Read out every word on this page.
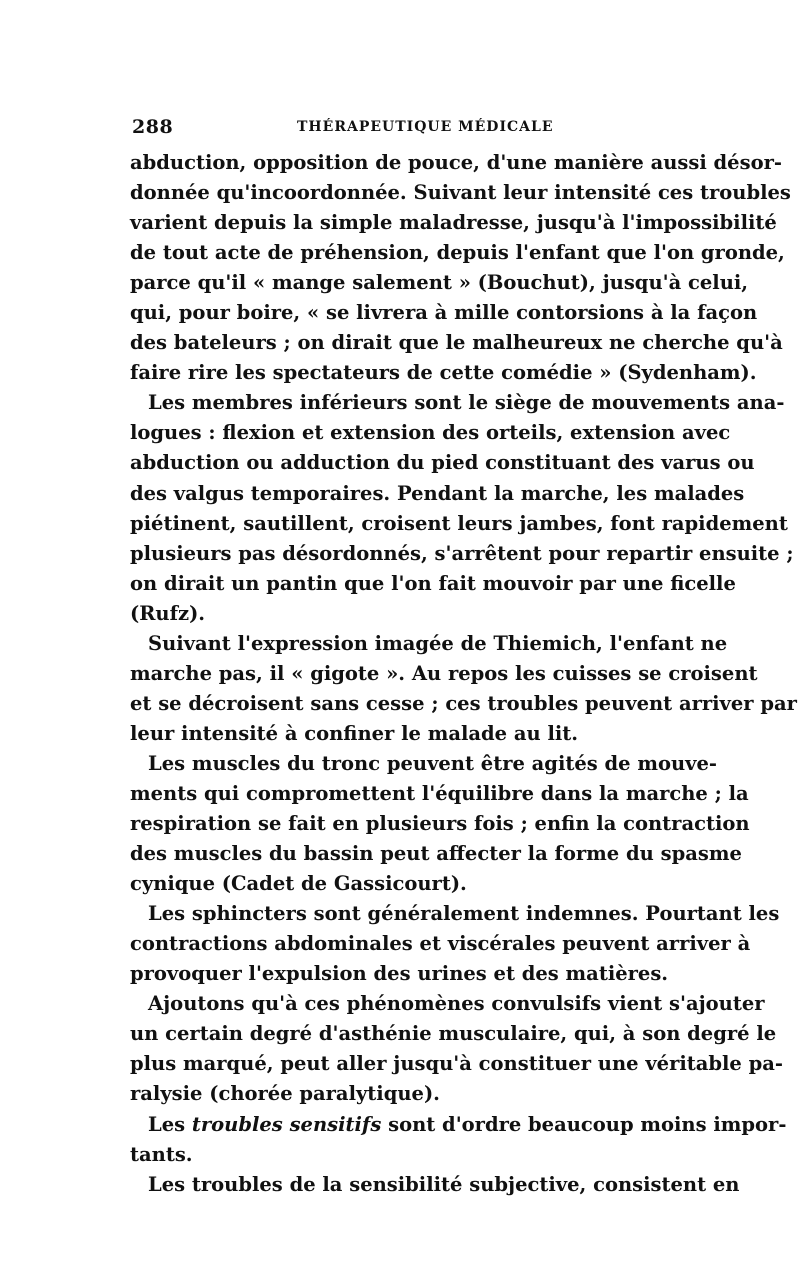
288	THÉRAPEUTIQUE MÉDICALE
abduction, opposition de pouce, d'une manière aussi désor-
donnée qu'incoordonnée. Suivant leur intensité ces troubles
varient depuis la simple maladresse, jusqu'à l'impossibilité
de tout acte de préhension, depuis l'enfant que l'on gronde,
parce qu'il « mange salement » (Bouchut), jusqu'à celui,
qui, pour boire, « se livrera à mille contorsions à la façon
des bateleurs ; on dirait que le malheureux ne cherche qu'à
faire rire les spectateurs de cette comédie » (Sydenham).
Les membres inférieurs sont le siège de mouvements ana-
logues : flexion et extension des orteils, extension avec
abduction ou adduction du pied constituant des varus ou
des valgus temporaires. Pendant la marche, les malades
piétinent, sautillent, croisent leurs jambes, font rapidement
plusieurs pas désordonnés, s'arrêtent pour repartir ensuite ;
on dirait un pantin que l'on fait mouvoir par une ficelle
(Rufz).
Suivant l'expression imagée de Thiemich, l'enfant ne
marche pas, il « gigote ». Au repos les cuisses se croisent
et se décroisent sans cesse ; ces troubles peuvent arriver par
leur intensité à confiner le malade au lit.
Les muscles du tronc peuvent être agités de mouve-
ments qui compromettent l'équilibre dans la marche ; la
respiration se fait en plusieurs fois ; enfin la contraction
des muscles du bassin peut affecter la forme du spasme
cynique (Cadet de Gassicourt).
Les sphincters sont généralement indemnes. Pourtant les
contractions abdominales et viscérales peuvent arriver à
provoquer l'expulsion des urines et des matières.
Ajoutons qu'à ces phénomènes convulsifs vient s'ajouter
un certain degré d'asthénie musculaire, qui, à son degré le
plus marqué, peut aller jusqu'à constituer une véritable pa-
ralysie (chorée paralytique).
Les troubles sensitifs sont d'ordre beaucoup moins impor-
tants.
Les troubles de la sensibilité subjective, consistent en
